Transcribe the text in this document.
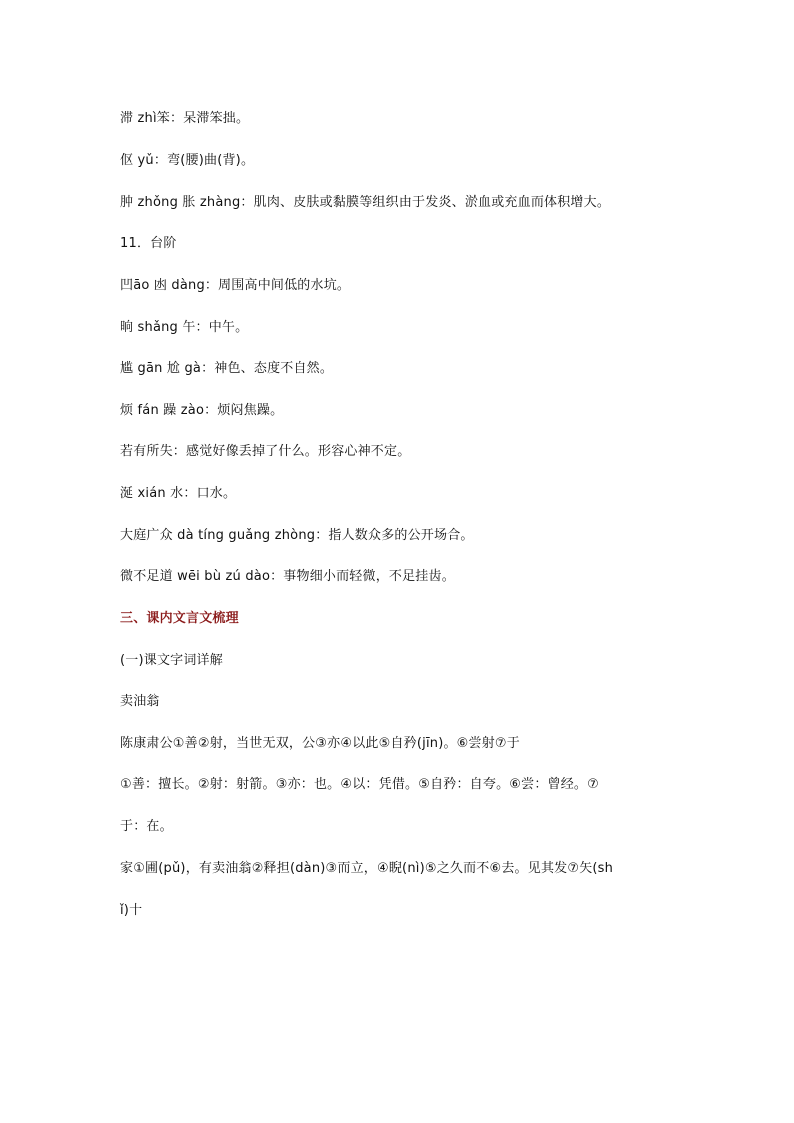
滞 zhì笨：呆滞笨拙。
伛 yǔ：弯(腰)曲(背)。
肿 zhǒng 胀 zhàng：肌肉、皮肤或黏膜等组织由于发炎、淤血或充血而体积增大。
11．台阶
凹āo 凼 dàng：周围高中间低的水坑。
晌 shǎng 午：中午。
尴 gān 尬 gà：神色、态度不自然。
烦 fán 躁 zào：烦闷焦躁。
若有所失：感觉好像丢掉了什么。形容心神不定。
涎 xián 水：口水。
大庭广众 dà tíng guǎng zhòng：指人数众多的公开场合。
微不足道 wēi bù zú dào：事物细小而轻微，不足挂齿。
三、课内文言文梳理
(一)课文字词详解
卖油翁
陈康肃公①善②射，当世无双，公③亦④以此⑤自矜(jīn)。⑥尝射⑦于
①善：擅长。②射：射箭。③亦：也。④以：凭借。⑤自矜：自夸。⑥尝：曾经。⑦
于：在。
家①圃(pǔ)，有卖油翁②释担(dàn)③而立，④睨(nì)⑤之久而不⑥去。见其发⑦矢(sh
ǐ)十
